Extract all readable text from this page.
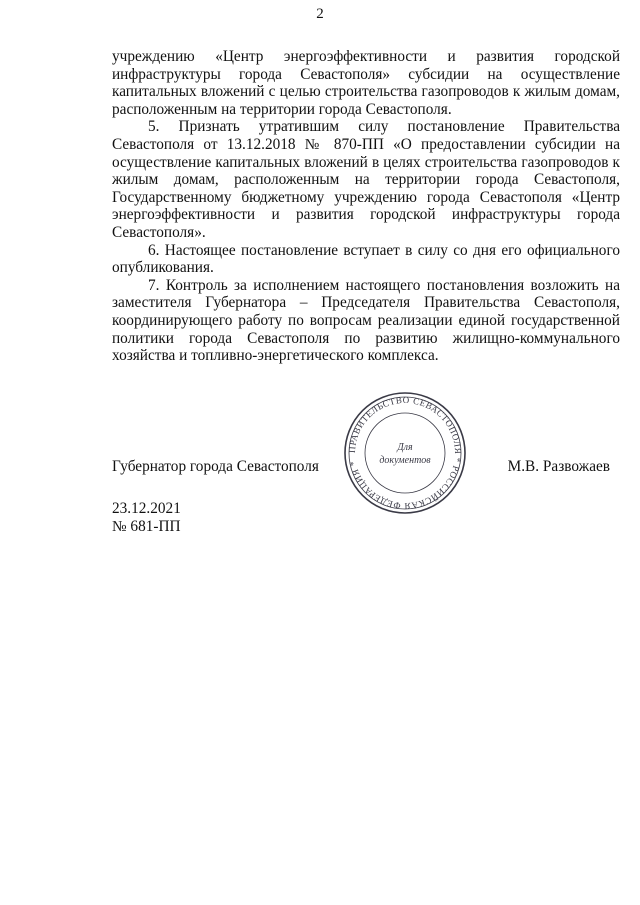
2

учреждению «Центр энергоэффективности и развития городской инфраструктуры города Севастополя» субсидии на осуществление капитальных вложений с целью строительства газопроводов к жилым домам, расположенным на территории города Севастополя.

5. Признать утратившим силу постановление Правительства Севастополя от 13.12.2018 № 870-ПП «О предоставлении субсидии на осуществление капитальных вложений в целях строительства газопроводов к жилым домам, расположенным на территории города Севастополя, Государственному бюджетному учреждению города Севастополя «Центр энергоэффективности и развития городской инфраструктуры города Севастополя».

6. Настоящее постановление вступает в силу со дня его официального опубликования.

7. Контроль за исполнением настоящего постановления возложить на заместителя Губернатора – Председателя Правительства Севастополя, координирующего работу по вопросам реализации единой государственной политики города Севастополя по развитию жилищно-коммунального хозяйства и топливно-энергетического комплекса.

Губернатор города Севастополя	М.В. Развожаев
ПРАВИТЕЛЬСТВО СЕВАСТОПОЛЯ * РОССИЙСКАЯ ФЕДЕРАЦИЯ *
Для
документов
23.12.2021
№ 681-ПП
